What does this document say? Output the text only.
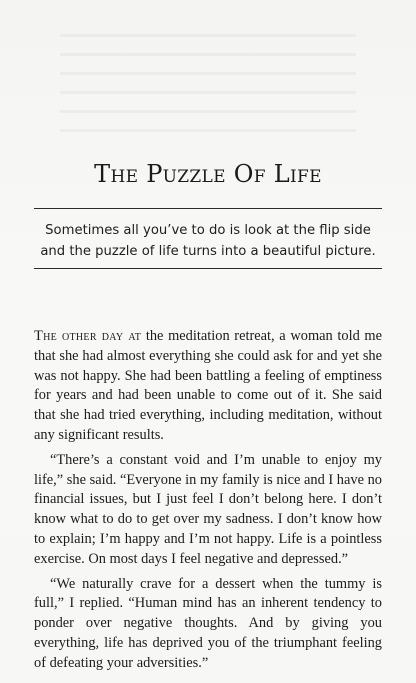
The Puzzle Of Life
Sometimes all you’ve to do is look at the flip side and the puzzle of life turns into a beautiful picture.

The other day at the meditation retreat, a woman told me that she had almost everything she could ask for and yet she was not happy. She had been battling a feeling of emptiness for years and had been unable to come out of it. She said that she had tried everything, including meditation, without any significant results.

“There’s a constant void and I’m unable to enjoy my life,” she said. “Everyone in my family is nice and I have no financial issues, but I just feel I don’t belong here. I don’t know what to do to get over my sadness. I don’t know how to explain; I’m happy and I’m not happy. Life is a pointless exercise. On most days I feel negative and depressed.”

“We naturally crave for a dessert when the tummy is full,” I replied. “Human mind has an inherent tendency to ponder over negative thoughts. And by giving you everything, life has deprived you of the triumphant feeling of defeating your adversities.”
